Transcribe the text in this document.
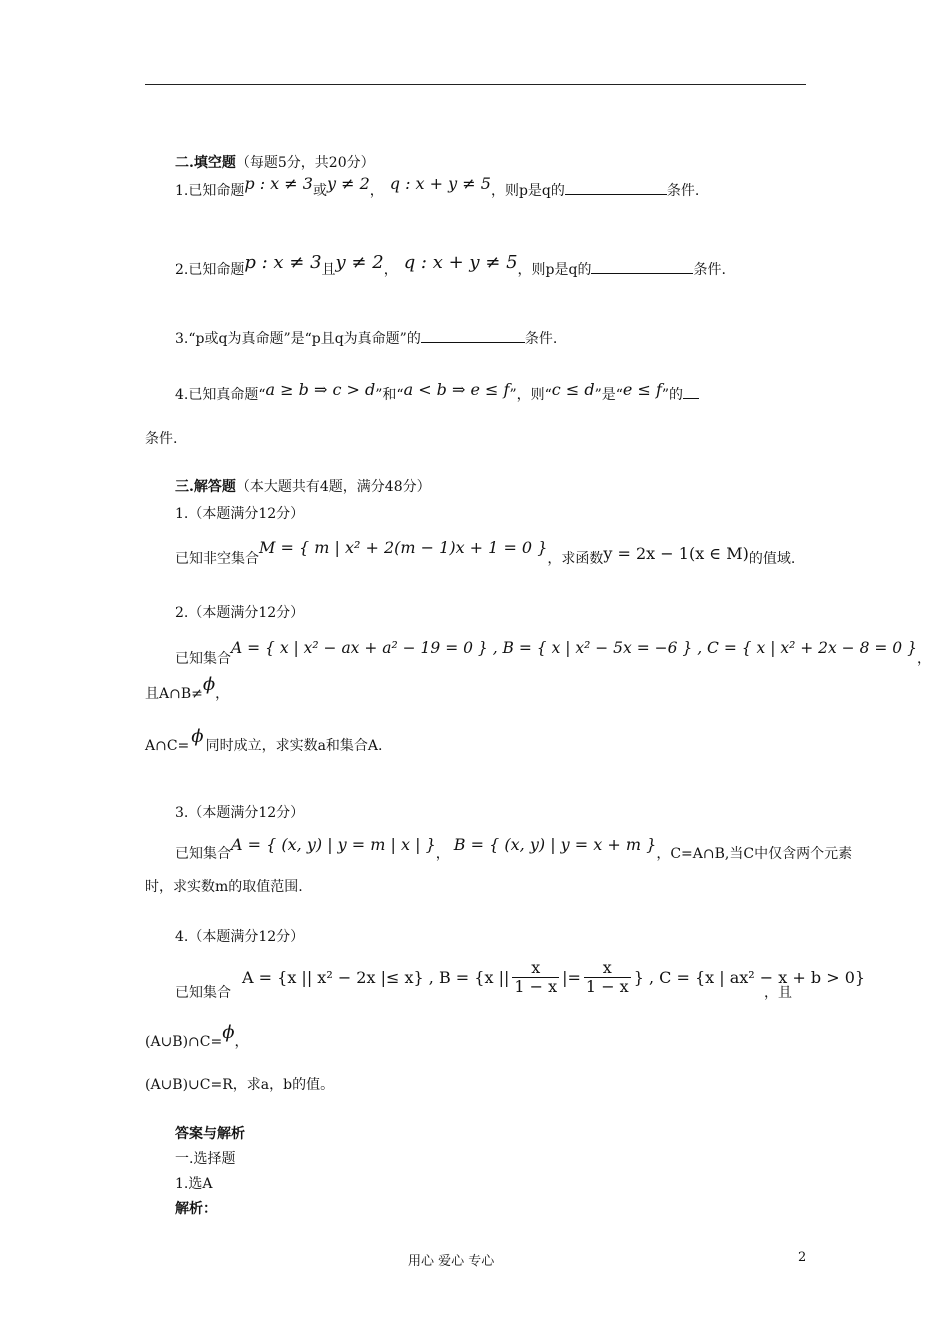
二.填空题（每题5分，共20分）
1.已知命题p : x ≠ 3或y ≠ 2， q : x + y ≠ 5，则p是q的	条件.
2.已知命题p : x ≠ 3且y ≠ 2， q : x + y ≠ 5，则p是q的	条件.
3.“p或q为真命题”是“p且q为真命题”的	条件.
4.已知真命题“a ≥ b ⇒ c > d”和“a < b ⇒ e ≤ f”，则“c ≤ d”是“e ≤ f”的
条件.
三.解答题（本大题共有4题，满分48分）
1.（本题满分12分）
已知非空集合M = { m | x² + 2(m − 1)x + 1 = 0 }，求函数y = 2x − 1(x ∈ M)的值域.
2.（本题满分12分）
已知集合A = { x | x² − ax + a² − 19 = 0 } , B = { x | x² − 5x = −6 } , C = { x | x² + 2x − 8 = 0 }，
且A∩B≠ϕ，
A∩C= ϕ 同时成立，求实数a和集合A.
3.（本题满分12分）
已知集合A = { (x, y) | y = m | x | }， B = { (x, y) | y = x + m }，C=A∩B,当C中仅含两个元素
时，求实数m的取值范围.
4.（本题满分12分）
已知集合
A = {x || x² − 2x |≤ x} , B = {x ||
x
1 − x |= $\frac{x}{1 - x}$ } , C = {x | ax² − x + b > 0}
，且
(A∪B)∩C=ϕ，
(A∪B)∪C=R，求a，b的值。
答案与解析
一.选择题
1.选A
解析：
用心 爱心 专心	2
